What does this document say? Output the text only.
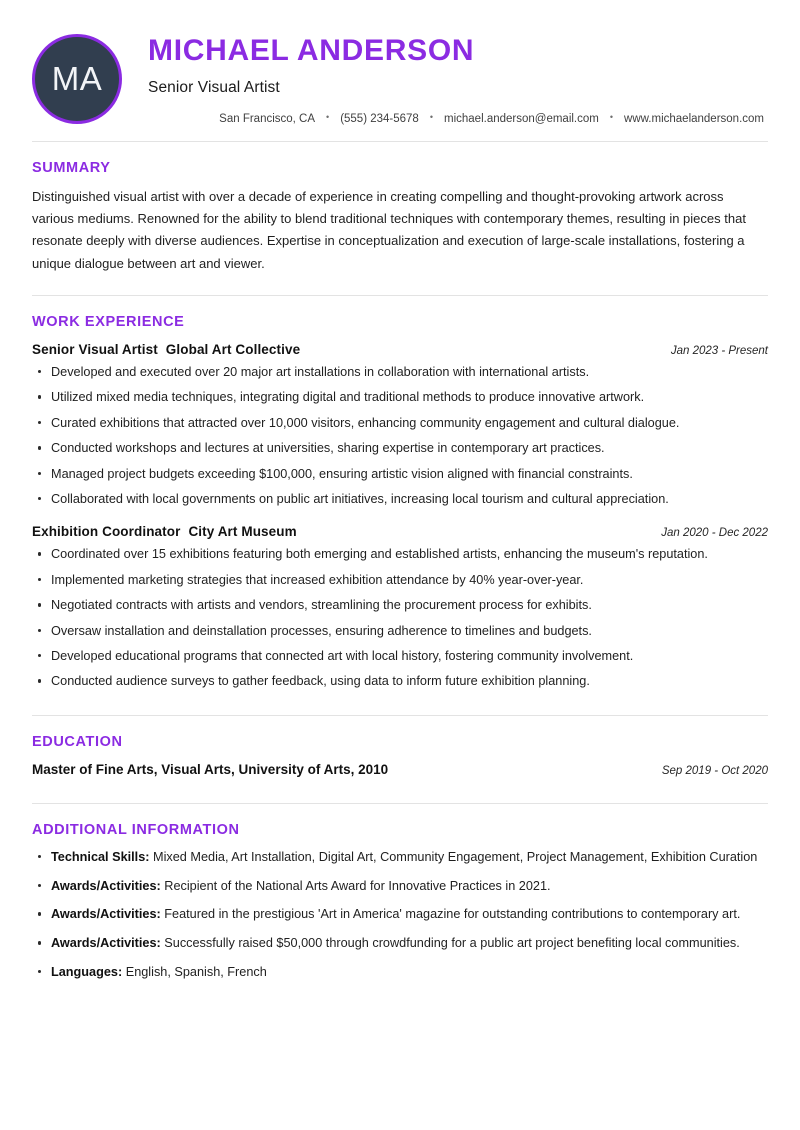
MA
MICHAEL ANDERSON
Senior Visual Artist
San Francisco, CA	• (555) 234-5678	• michael.anderson@email.com	• www.michaelanderson.com
SUMMARY

Distinguished visual artist with over a decade of experience in creating compelling and thought-provoking artwork across various mediums. Renowned for the ability to blend traditional techniques with contemporary themes, resulting in pieces that resonate deeply with diverse audiences. Expertise in conceptualization and execution of large-scale installations, fostering a unique dialogue between art and viewer.

WORK EXPERIENCE
Senior Visual Artist Global Art Collective	Jan 2023 - Present
Developed and executed over 20 major art installations in collaboration with international artists.
Utilized mixed media techniques, integrating digital and traditional methods to produce innovative artwork.
Curated exhibitions that attracted over 10,000 visitors, enhancing community engagement and cultural dialogue.
Conducted workshops and lectures at universities, sharing expertise in contemporary art practices.
Managed project budgets exceeding $100,000, ensuring artistic vision aligned with financial constraints.
Collaborated with local governments on public art initiatives, increasing local tourism and cultural appreciation.
Exhibition Coordinator City Art Museum	Jan 2020 - Dec 2022
Coordinated over 15 exhibitions featuring both emerging and established artists, enhancing the museum's reputation.
Implemented marketing strategies that increased exhibition attendance by 40% year-over-year.
Negotiated contracts with artists and vendors, streamlining the procurement process for exhibits.
Oversaw installation and deinstallation processes, ensuring adherence to timelines and budgets.
Developed educational programs that connected art with local history, fostering community involvement.
Conducted audience surveys to gather feedback, using data to inform future exhibition planning.
EDUCATION
Master of Fine Arts, Visual Arts, University of Arts, 2010	Sep 2019 - Oct 2020
ADDITIONAL INFORMATION
Technical Skills: Mixed Media, Art Installation, Digital Art, Community Engagement, Project Management, Exhibition Curation
Awards/Activities: Recipient of the National Arts Award for Innovative Practices in 2021.
Awards/Activities: Featured in the prestigious 'Art in America' magazine for outstanding contributions to contemporary art.
Awards/Activities: Successfully raised $50,000 through crowdfunding for a public art project benefiting local communities.
Languages: English, Spanish, French
